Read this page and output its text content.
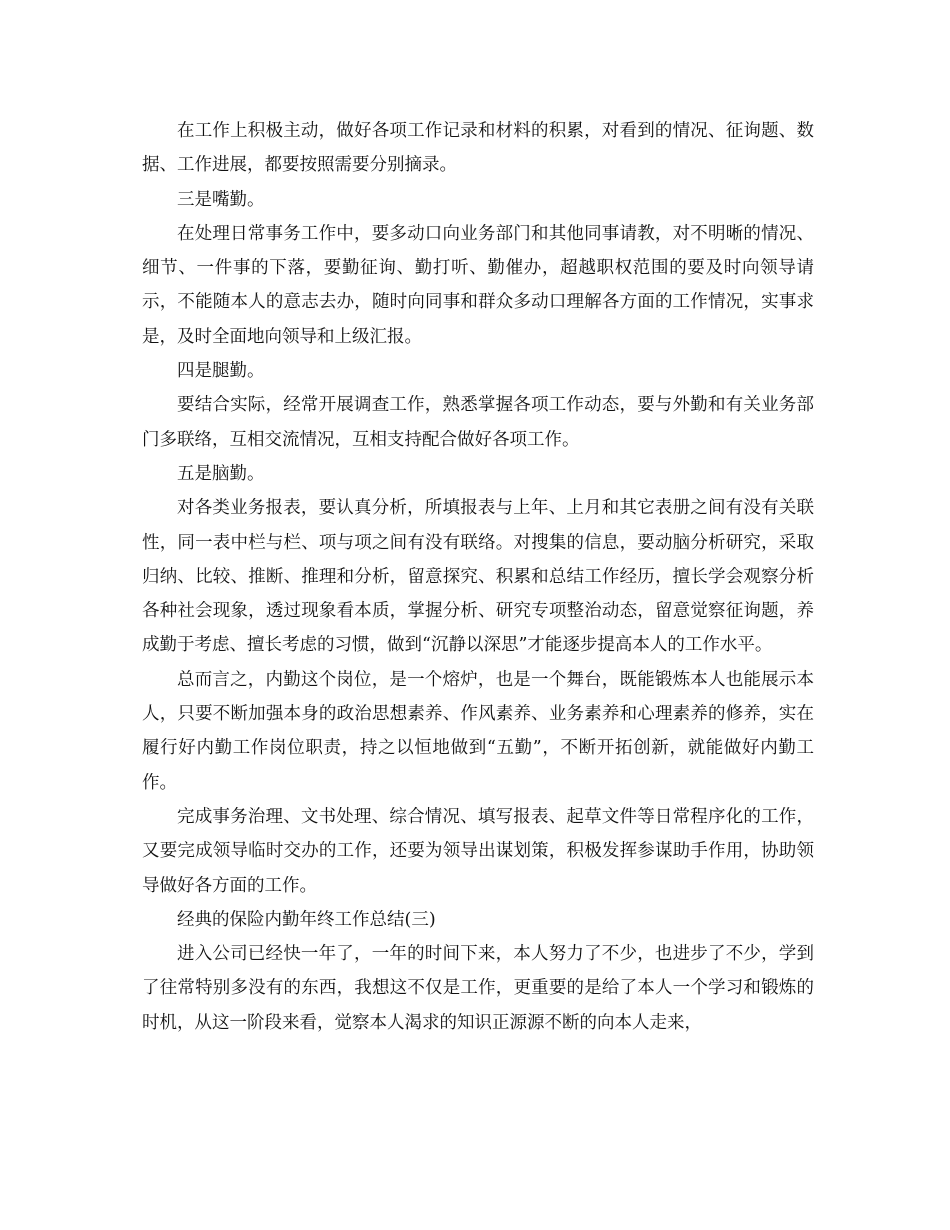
在工作上积极主动，做好各项工作记录和材料的积累，对看到的情况、征询题、数据、工作进展，都要按照需要分别摘录。

三是嘴勤。

在处理日常事务工作中，要多动口向业务部门和其他同事请教，对不明晰的情况、细节、一件事的下落，要勤征询、勤打听、勤催办，超越职权范围的要及时向领导请示，不能随本人的意志去办，随时向同事和群众多动口理解各方面的工作情况，实事求是，及时全面地向领导和上级汇报。

四是腿勤。

要结合实际，经常开展调查工作，熟悉掌握各项工作动态，要与外勤和有关业务部门多联络，互相交流情况，互相支持配合做好各项工作。

五是脑勤。

对各类业务报表，要认真分析，所填报表与上年、上月和其它表册之间有没有关联性，同一表中栏与栏、项与项之间有没有联络。对搜集的信息，要动脑分析研究，采取归纳、比较、推断、推理和分析，留意探究、积累和总结工作经历，擅长学会观察分析各种社会现象，透过现象看本质，掌握分析、研究专项整治动态，留意觉察征询题，养成勤于考虑、擅长考虑的习惯，做到“沉静以深思”才能逐步提高本人的工作水平。

总而言之，内勤这个岗位，是一个熔炉，也是一个舞台，既能锻炼本人也能展示本人，只要不断加强本身的政治思想素养、作风素养、业务素养和心理素养的修养，实在履行好内勤工作岗位职责，持之以恒地做到“五勤”，不断开拓创新，就能做好内勤工作。

完成事务治理、文书处理、综合情况、填写报表、起草文件等日常程序化的工作，又要完成领导临时交办的工作，还要为领导出谋划策，积极发挥参谋助手作用，协助领导做好各方面的工作。

经典的保险内勤年终工作总结(三)

进入公司已经快一年了，一年的时间下来，本人努力了不少，也进步了不少，学到了往常特别多没有的东西，我想这不仅是工作，更重要的是给了本人一个学习和锻炼的时机，从这一阶段来看，觉察本人渴求的知识正源源不断的向本人走来，
